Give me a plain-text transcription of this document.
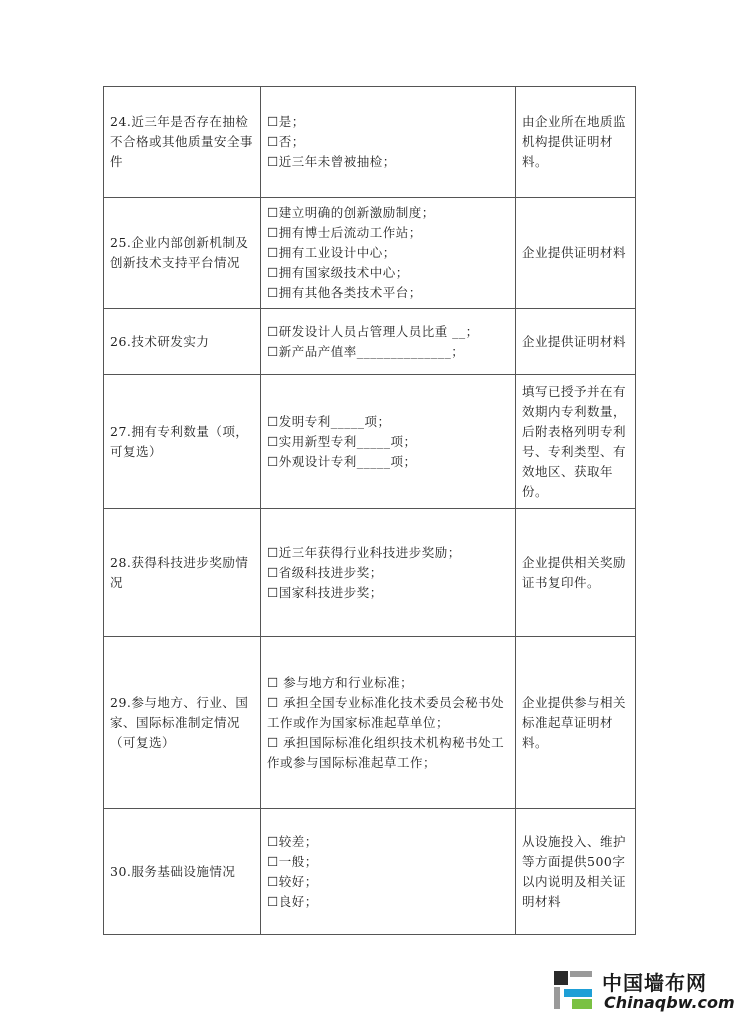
24.近三年是否存在抽检不合格或其他质量安全事件	☐是；
☐否；
☐近三年未曾被抽检；	由企业所在地质监机构提供证明材料。
25.企业内部创新机制及创新技术支持平台情况	☐建立明确的创新激励制度；
☐拥有博士后流动工作站；
☐拥有工业设计中心；
☐拥有国家级技术中心；
☐拥有其他各类技术平台；	企业提供证明材料
26.技术研发实力	☐研发设计人员占管理人员比重 __；
☐新产品产值率______________；	企业提供证明材料
27.拥有专利数量（项，可复选）	☐发明专利_____项；
☐实用新型专利_____项；
☐外观设计专利_____项；	填写已授予并在有效期内专利数量，后附表格列明专利号、专利类型、有效地区、获取年份。
28.获得科技进步奖励情况	☐近三年获得行业科技进步奖励；
☐省级科技进步奖；
☐国家科技进步奖；	企业提供相关奖励证书复印件。
29.参与地方、行业、国家、国际标准制定情况（可复选）	☐ 参与地方和行业标准；
☐ 承担全国专业标准化技术委员会秘书处工作或作为国家标准起草单位；
☐ 承担国际标准化组织技术机构秘书处工作或参与国际标准起草工作；	企业提供参与相关标准起草证明材料。
30.服务基础设施情况	☐较差；
☐一般；
☐较好；
☐良好；	从设施投入、维护等方面提供500字以内说明及相关证明材料
中国墙布网
Chinaqbw.com
